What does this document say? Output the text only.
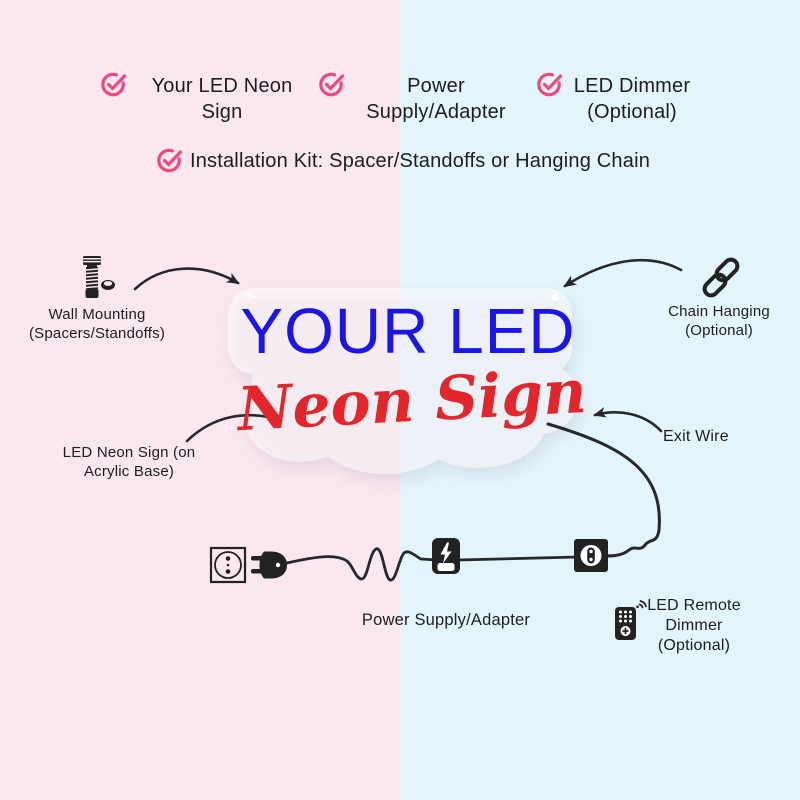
Your LED Neon Sign
Power Supply/Adapter
LED Dimmer (Optional)
Installation Kit: Spacer/Standoffs or Hanging Chain
YOUR LED
Neon Sign
Wall Mounting (Spacers/Standoffs)
Chain Hanging (Optional)
LED Neon Sign (on Acrylic Base)
Exit Wire
Power Supply/Adapter
LED Remote Dimmer (Optional)
